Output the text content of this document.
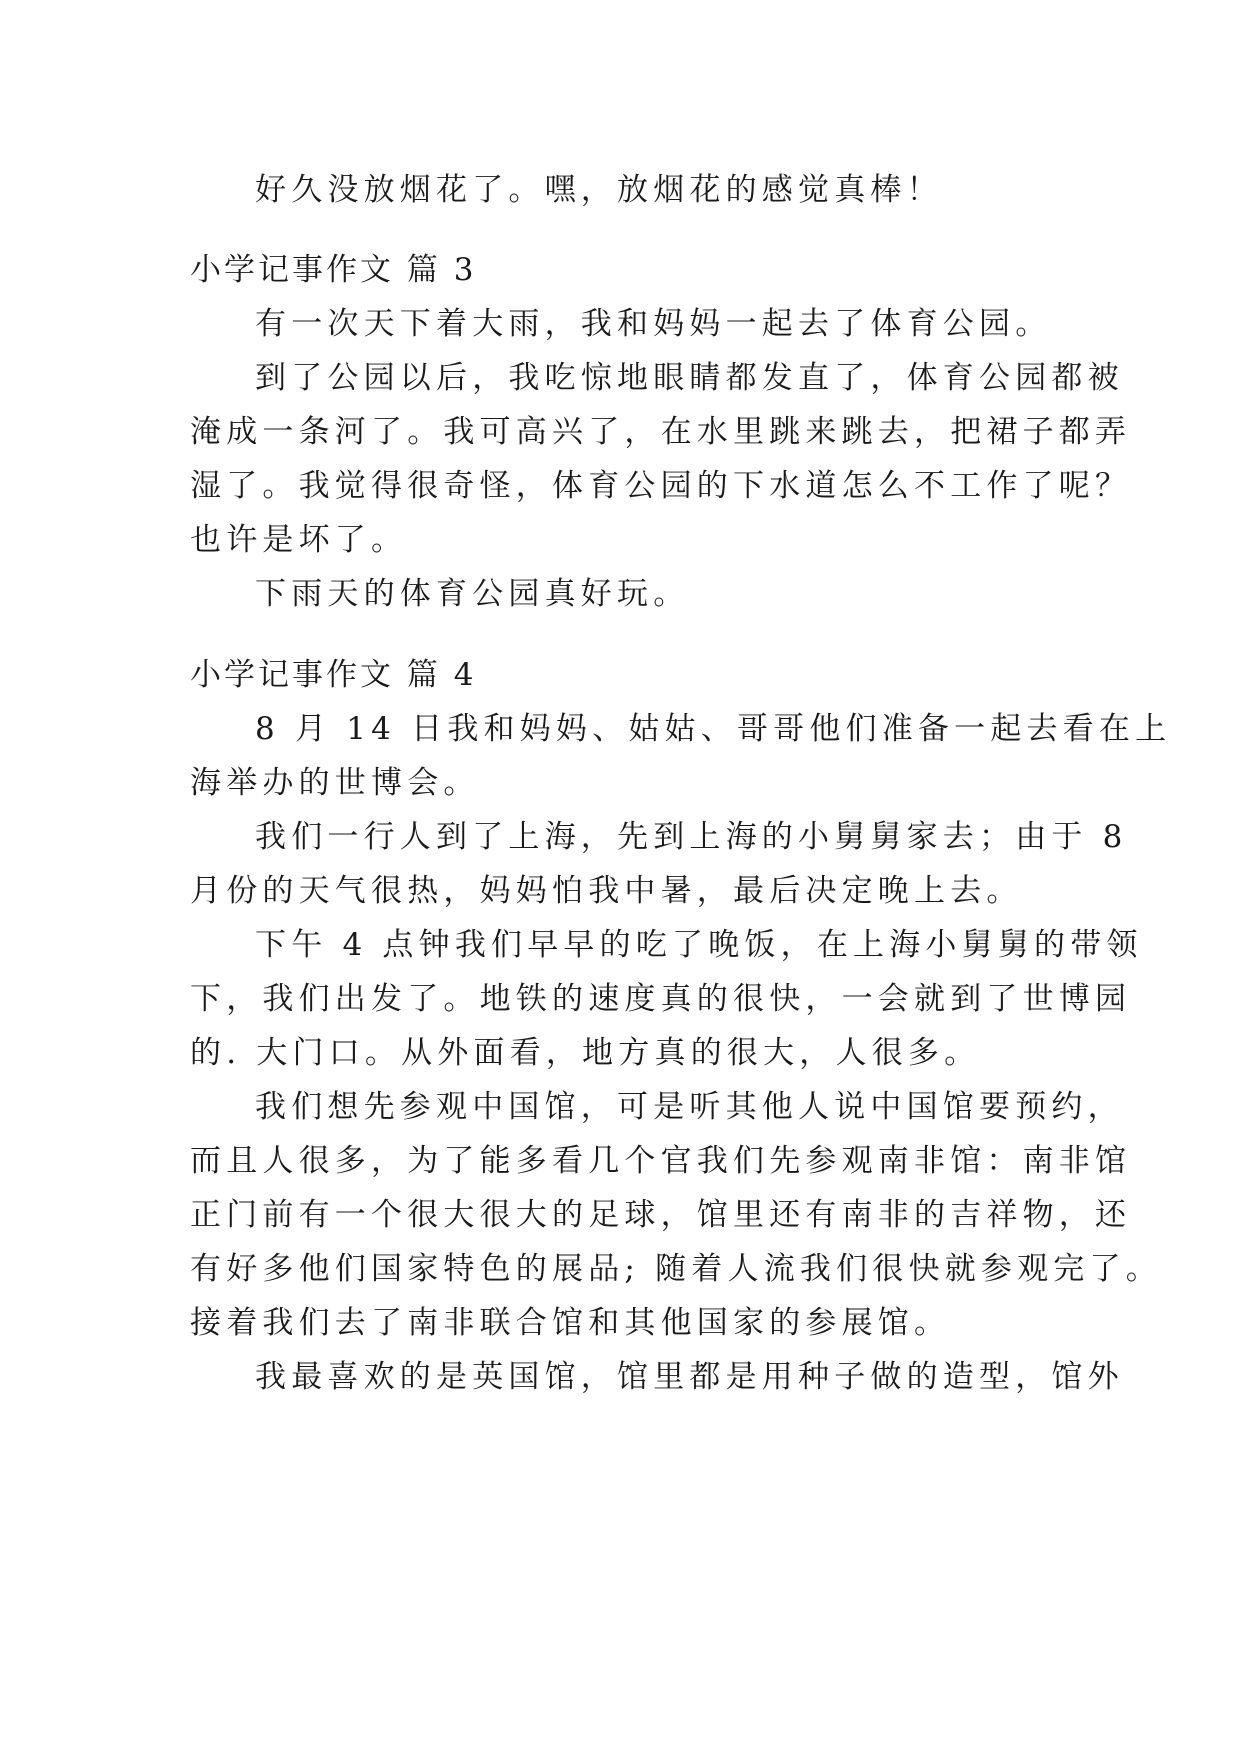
好久没放烟花了。嘿，放烟花的感觉真棒！
小学记事作文 篇 3
有一次天下着大雨，我和妈妈一起去了体育公园。
到了公园以后，我吃惊地眼睛都发直了，体育公园都被
淹成一条河了。我可高兴了，在水里跳来跳去，把裙子都弄
湿了。我觉得很奇怪，体育公园的下水道怎么不工作了呢？
也许是坏了。
下雨天的体育公园真好玩。
小学记事作文 篇 4
8 月 14 日我和妈妈、姑姑、哥哥他们准备一起去看在上
海举办的世博会。
我们一行人到了上海，先到上海的小舅舅家去；由于 8
月份的天气很热，妈妈怕我中暑，最后决定晚上去。
下午 4 点钟我们早早的吃了晚饭，在上海小舅舅的带领
下，我们出发了。地铁的速度真的很快，一会就到了世博园
的. 大门口。从外面看，地方真的很大，人很多。
我们想先参观中国馆，可是听其他人说中国馆要预约，
而且人很多，为了能多看几个官我们先参观南非馆：南非馆
正门前有一个很大很大的足球，馆里还有南非的吉祥物，还
有好多他们国家特色的展品; 随着人流我们很快就参观完了。
接着我们去了南非联合馆和其他国家的参展馆。
我最喜欢的是英国馆，馆里都是用种子做的造型，馆外
